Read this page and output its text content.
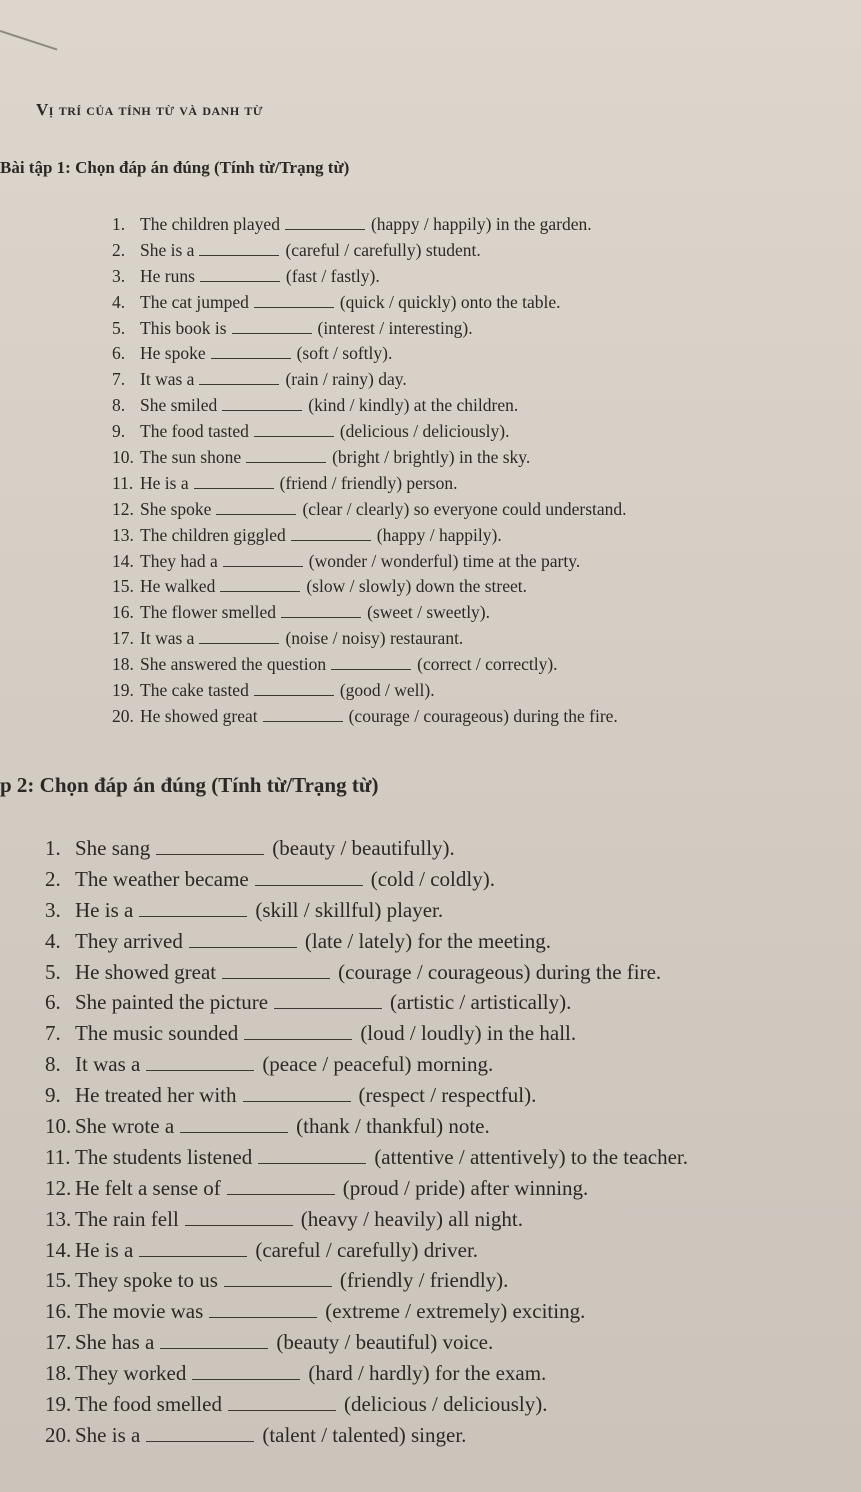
Vị trí của tính từ và danh từ
Bài tập 1: Chọn đáp án đúng (Tính từ/Trạng từ)
1. The children played	(happy / happily) in the garden.
2. She is a	(careful / carefully) student.
3. He runs	(fast / fastly).
4. The cat jumped	(quick / quickly) onto the table.
5. This book is	(interest / interesting).
6. He spoke	(soft / softly).
7. It was a	(rain / rainy) day.
8. She smiled	(kind / kindly) at the children.
9. The food tasted	(delicious / deliciously).
10. The sun shone	(bright / brightly) in the sky.
11. He is a	(friend / friendly) person.
12. She spoke	(clear / clearly) so everyone could understand.
13. The children giggled	(happy / happily).
14. They had a	(wonder / wonderful) time at the party.
15. He walked	(slow / slowly) down the street.
16. The flower smelled	(sweet / sweetly).
17. It was a	(noise / noisy) restaurant.
18. She answered the question	(correct / correctly).
19. The cake tasted	(good / well).
20. He showed great	(courage / courageous) during the fire.
p 2: Chọn đáp án đúng (Tính từ/Trạng từ)
1. She sang	(beauty / beautifully).
2. The weather became	(cold / coldly).
3. He is a	(skill / skillful) player.
4. They arrived	(late / lately) for the meeting.
5. He showed great	(courage / courageous) during the fire.
6. She painted the picture	(artistic / artistically).
7. The music sounded	(loud / loudly) in the hall.
8. It was a	(peace / peaceful) morning.
9. He treated her with	(respect / respectful).
10. She wrote a	(thank / thankful) note.
11. The students listened	(attentive / attentively) to the teacher.
12. He felt a sense of	(proud / pride) after winning.
13. The rain fell	(heavy / heavily) all night.
14. He is a	(careful / carefully) driver.
15. They spoke to us	(friendly / friendly).
16. The movie was	(extreme / extremely) exciting.
17. She has a	(beauty / beautiful) voice.
18. They worked	(hard / hardly) for the exam.
19. The food smelled	(delicious / deliciously).
20. She is a	(talent / talented) singer.
